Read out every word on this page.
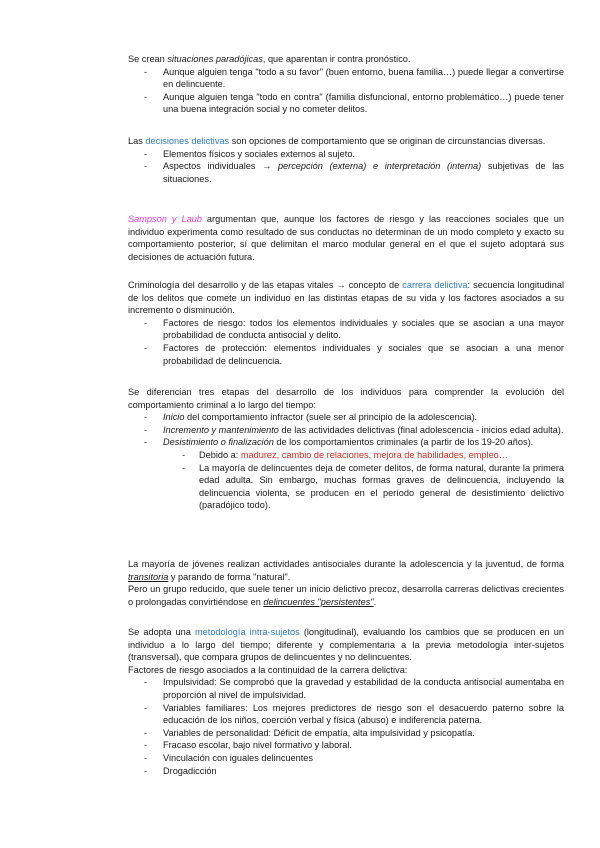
Se crean situaciones paradójicas, que aparentan ir contra pronóstico.

- Aunque alguien tenga "todo a su favor" (buen entorno, buena familia…) puede llegar a convertirse en delincuente.
- Aunque alguien tenga "todo en contra" (familia disfuncional, entorno problemático…) puede tener una buena integración social y no cometer delitos.

Las decisiones delictivas son opciones de comportamiento que se originan de circunstancias diversas.

- Elementos físicos y sociales externos al sujeto.
- Aspectos individuales → percepción (externa) e interpretación (interna) subjetivas de las situaciones.

Sampson y Laub argumentan que, aunque los factores de riesgo y las reacciones sociales que un individuo experimenta como resultado de sus conductas no determinan de un modo completo y exacto su comportamiento posterior, sí que delimitan el marco modular general en el que el sujeto adoptará sus decisiones de actuación futura.

Criminología del desarrollo y de las etapas vitales → concepto de carrera delictiva: secuencia longitudinal de los delitos que comete un individuo en las distintas etapas de su vida y los factores asociados a su incremento o disminución.

- Factores de riesgo: todos los elementos individuales y sociales que se asocian a una mayor probabilidad de conducta antisocial y delito.
- Factores de protección: elementos individuales y sociales que se asocian a una menor probabilidad de delincuencia.

Se diferencian tres etapas del desarrollo de los individuos para comprender la evolución del comportamiento criminal a lo largo del tiempo:

- Inicio del comportamiento infractor (suele ser al principio de la adolescencia).
- Incremento y mantenimiento de las actividades delictivas (final adolescencia - inicios edad adulta).
- Desistimiento o finalización de los comportamientos criminales (a partir de los 19-20 años).
- Debido a: madurez, cambio de relaciones, mejora de habilidades, empleo…
- La mayoría de delincuentes deja de cometer delitos, de forma natural, durante la primera edad adulta. Sin embargo, muchas formas graves de delincuencia, incluyendo la delincuencia violenta, se producen en el período general de desistimiento delictivo (paradójico todo).

La mayoría de jóvenes realizan actividades antisociales durante la adolescencia y la juventud, de forma transitoria y parando de forma "natural".

Pero un grupo reducido, que suele tener un inicio delictivo precoz, desarrolla carreras delictivas crecientes o prolongadas convirtiéndose en delincuentes "persistentes".

Se adopta una metodología intra-sujetos (longitudinal), evaluando los cambios que se producen en un individuo a lo largo del tiempo; diferente y complementaria a la previa metodología inter-sujetos (transversal), que compara grupos de delincuentes y no delincuentes.

Factores de riesgo asociados a la continuidad de la carrera delictiva:

- Impulsividad: Se comprobó que la gravedad y estabilidad de la conducta antisocial aumentaba en proporción al nivel de impulsividad.
- Variables familiares: Los mejores predictores de riesgo son el desacuerdo paterno sobre la educación de los niños, coerción verbal y física (abuso) e indiferencia paterna.
- Variables de personalidad: Déficit de empatía, alta impulsividad y psicopatía.
- Fracaso escolar, bajo nivel formativo y laboral.
- Vinculación con iguales delincuentes
- Drogadicción
